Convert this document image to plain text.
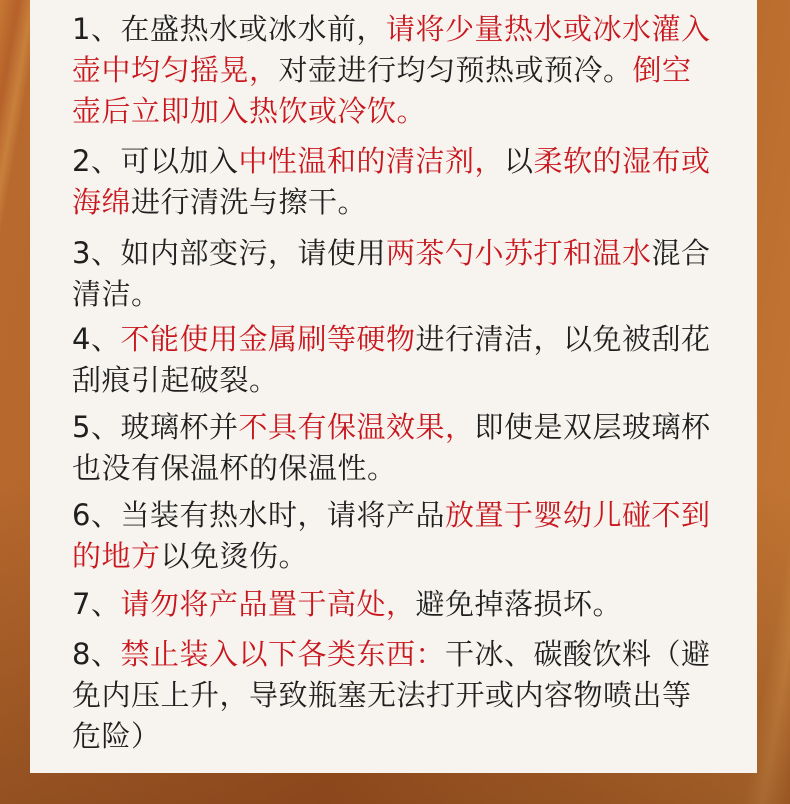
1、在盛热水或冰水前，请将少量热水或冰水灌入
壶中均匀摇晃，对壶进行均匀预热或预冷。倒空
壶后立即加入热饮或冷饮。
2、可以加入中性温和的清洁剂，以柔软的湿布或
海绵进行清洗与擦干。
3、如内部变污，请使用两茶勺小苏打和温水混合
清洁。
4、不能使用金属刷等硬物进行清洁，以免被刮花
刮痕引起破裂。
5、玻璃杯并不具有保温效果，即使是双层玻璃杯
也没有保温杯的保温性。
6、当装有热水时，请将产品放置于婴幼儿碰不到
的地方以免烫伤。
7、请勿将产品置于高处，避免掉落损坏。
8、禁止装入以下各类东西：干冰、碳酸饮料（避
免内压上升，导致瓶塞无法打开或内容物喷出等
危险）
